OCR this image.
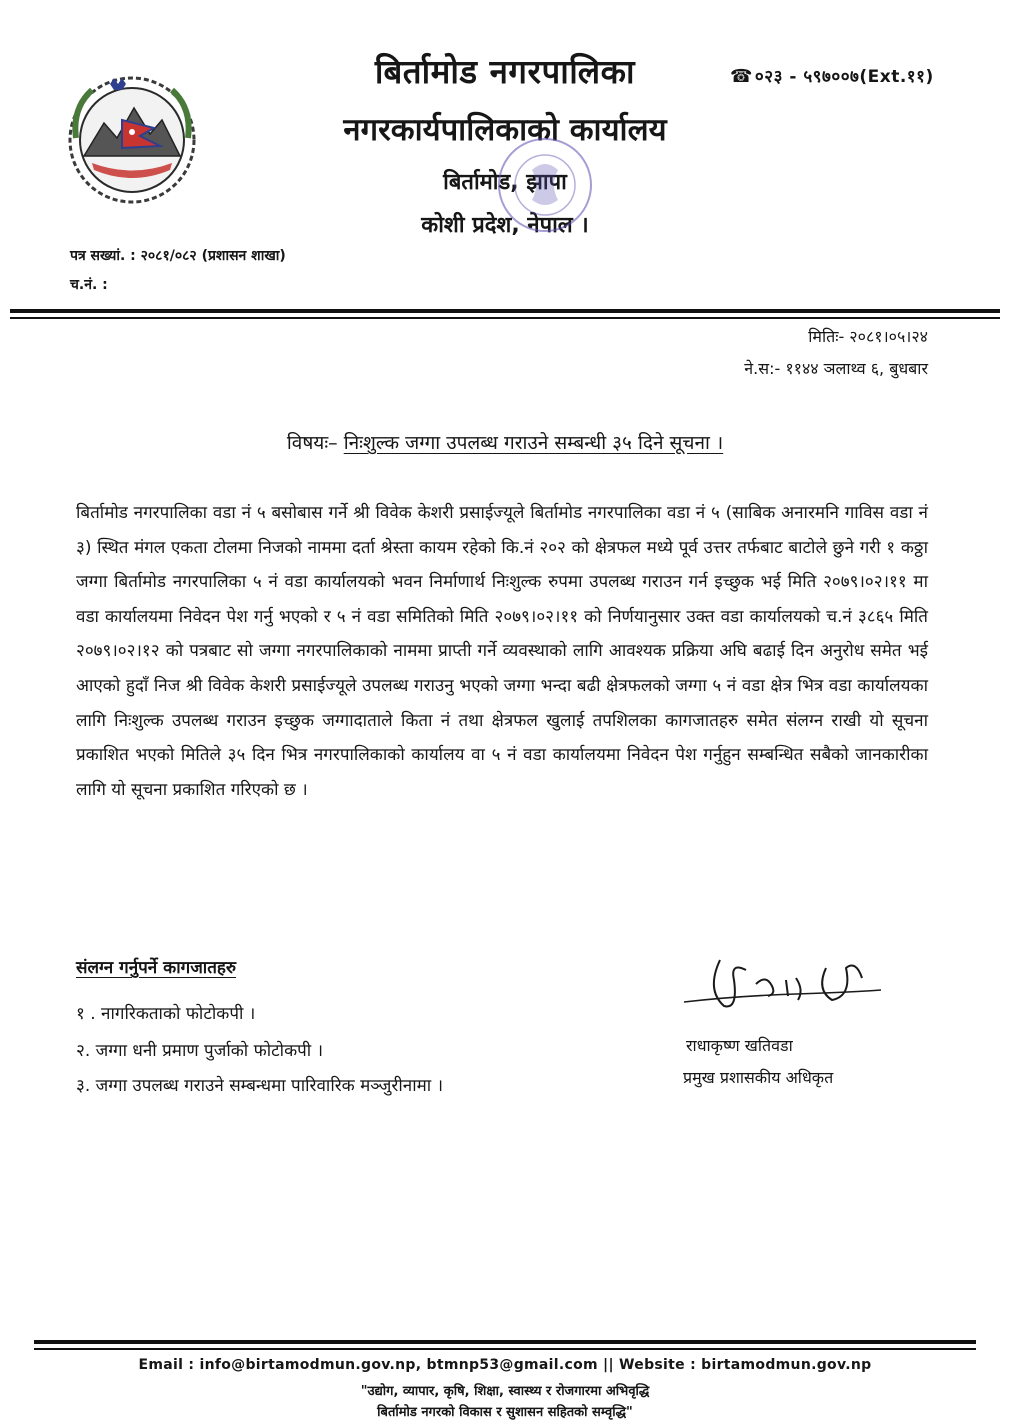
बिर्तामोड नगरपालिका
नगरकार्यपालिकाको कार्यालय
बिर्तामोड, झापा
कोशी प्रदेश, नेपाल ।
☎ ०२३ - ५९७००७(Ext.११)
पत्र सख्यां. : २०८१/०८२ (प्रशासन शाखा)
च.नं. :
मितिः- २०८१।०५।२४
ने.स:- ११४४ ञलाथ्व ६, बुधबार
विषयः– निःशुल्क जग्गा उपलब्ध गराउने सम्बन्धी ३५ दिने सूचना ।
बिर्तामोड नगरपालिका वडा नं ५ बसोबास गर्ने श्री विवेक केशरी प्रसाईज्यूले बिर्तामोड नगरपालिका वडा नं ५ (साबिक अनारमनि गाविस वडा नं ३) स्थित मंगल एकता टोलमा निजको नाममा दर्ता श्रेस्ता कायम रहेको कि.नं २०२ को क्षेत्रफल मध्ये पूर्व उत्तर तर्फबाट बाटोले छुने गरी १ कठ्ठा जग्गा बिर्तामोड नगरपालिका ५ नं वडा कार्यालयको भवन निर्माणार्थ निःशुल्क रुपमा उपलब्ध गराउन गर्न इच्छुक भई मिति २०७९।०२।११ मा वडा कार्यालयमा निवेदन पेश गर्नु भएको र ५ नं वडा समितिको मिति २०७९।०२।११ को निर्णयानुसार उक्त वडा कार्यालयको च.नं ३८६५ मिति २०७९।०२।१२ को पत्रबाट सो जग्गा नगरपालिकाको नाममा प्राप्ती गर्ने व्यवस्थाको लागि आवश्यक प्रक्रिया अघि बढाई दिन अनुरोध समेत भई आएको हुदाँ निज श्री विवेक केशरी प्रसाईज्यूले उपलब्ध गराउनु भएको जग्गा भन्दा बढी क्षेत्रफलको जग्गा ५ नं वडा क्षेत्र भित्र वडा कार्यालयका लागि निःशुल्क उपलब्ध गराउन इच्छुक जग्गादाताले किता नं तथा क्षेत्रफल खुलाई तपशिलका कागजातहरु समेत संलग्न राखी यो सूचना प्रकाशित भएको मितिले ३५ दिन भित्र नगरपालिकाको कार्यालय वा ५ नं वडा कार्यालयमा निवेदन पेश गर्नुहुन सम्बन्धित सबैको जानकारीका लागि यो सूचना प्रकाशित गरिएको छ ।
संलग्न गर्नुपर्ने कागजातहरु
१ . नागरिकताको फोटोकपी ।
२. जग्गा धनी प्रमाण पुर्जाको फोटोकपी ।
३. जग्गा उपलब्ध गराउने सम्बन्धमा पारिवारिक मञ्जुरीनामा ।
राधाकृष्ण खतिवडा
प्रमुख प्रशासकीय अधिकृत
Email : info@birtamodmun.gov.np, btmnp53@gmail.com || Website : birtamodmun.gov.np
"उद्योग, व्यापार, कृषि, शिक्षा, स्वास्थ्य र रोजगारमा अभिवृद्धि
बिर्तामोड नगरको विकास र सुशासन सहितको सम्वृद्धि"
